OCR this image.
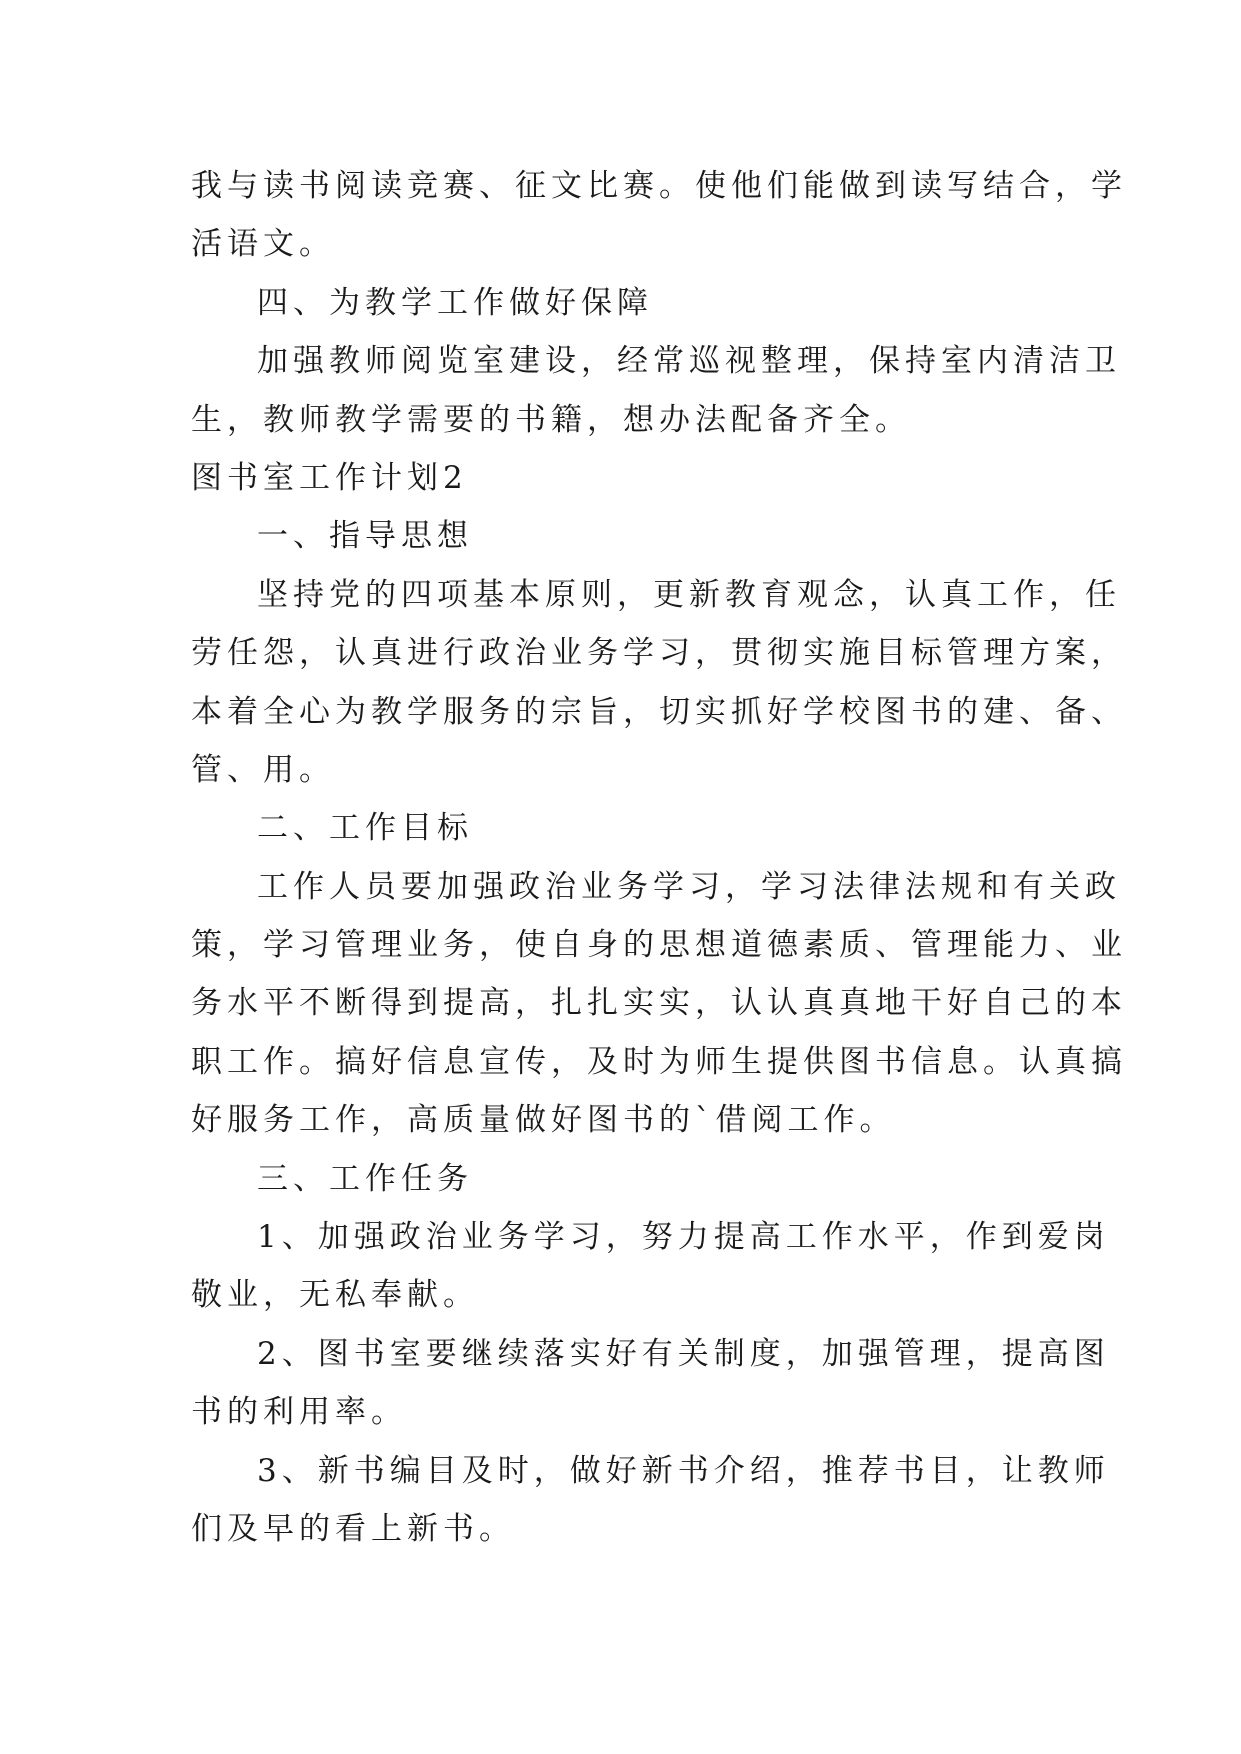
我与读书阅读竞赛、征文比赛。使他们能做到读写结合，学
活语文。
四、为教学工作做好保障
加强教师阅览室建设，经常巡视整理，保持室内清洁卫
生，教师教学需要的书籍，想办法配备齐全。
图书室工作计划2
一、指导思想
坚持党的四项基本原则，更新教育观念，认真工作，任
劳任怨，认真进行政治业务学习，贯彻实施目标管理方案，
本着全心为教学服务的宗旨，切实抓好学校图书的建、备、
管、用。
二、工作目标
工作人员要加强政治业务学习，学习法律法规和有关政
策，学习管理业务，使自身的思想道德素质、管理能力、业
务水平不断得到提高，扎扎实实，认认真真地干好自己的本
职工作。搞好信息宣传，及时为师生提供图书信息。认真搞
好服务工作，高质量做好图书的`借阅工作。
三、工作任务
1、加强政治业务学习，努力提高工作水平，作到爱岗
敬业，无私奉献。
2、图书室要继续落实好有关制度，加强管理，提高图
书的利用率。
3、新书编目及时，做好新书介绍，推荐书目，让教师
们及早的看上新书。
